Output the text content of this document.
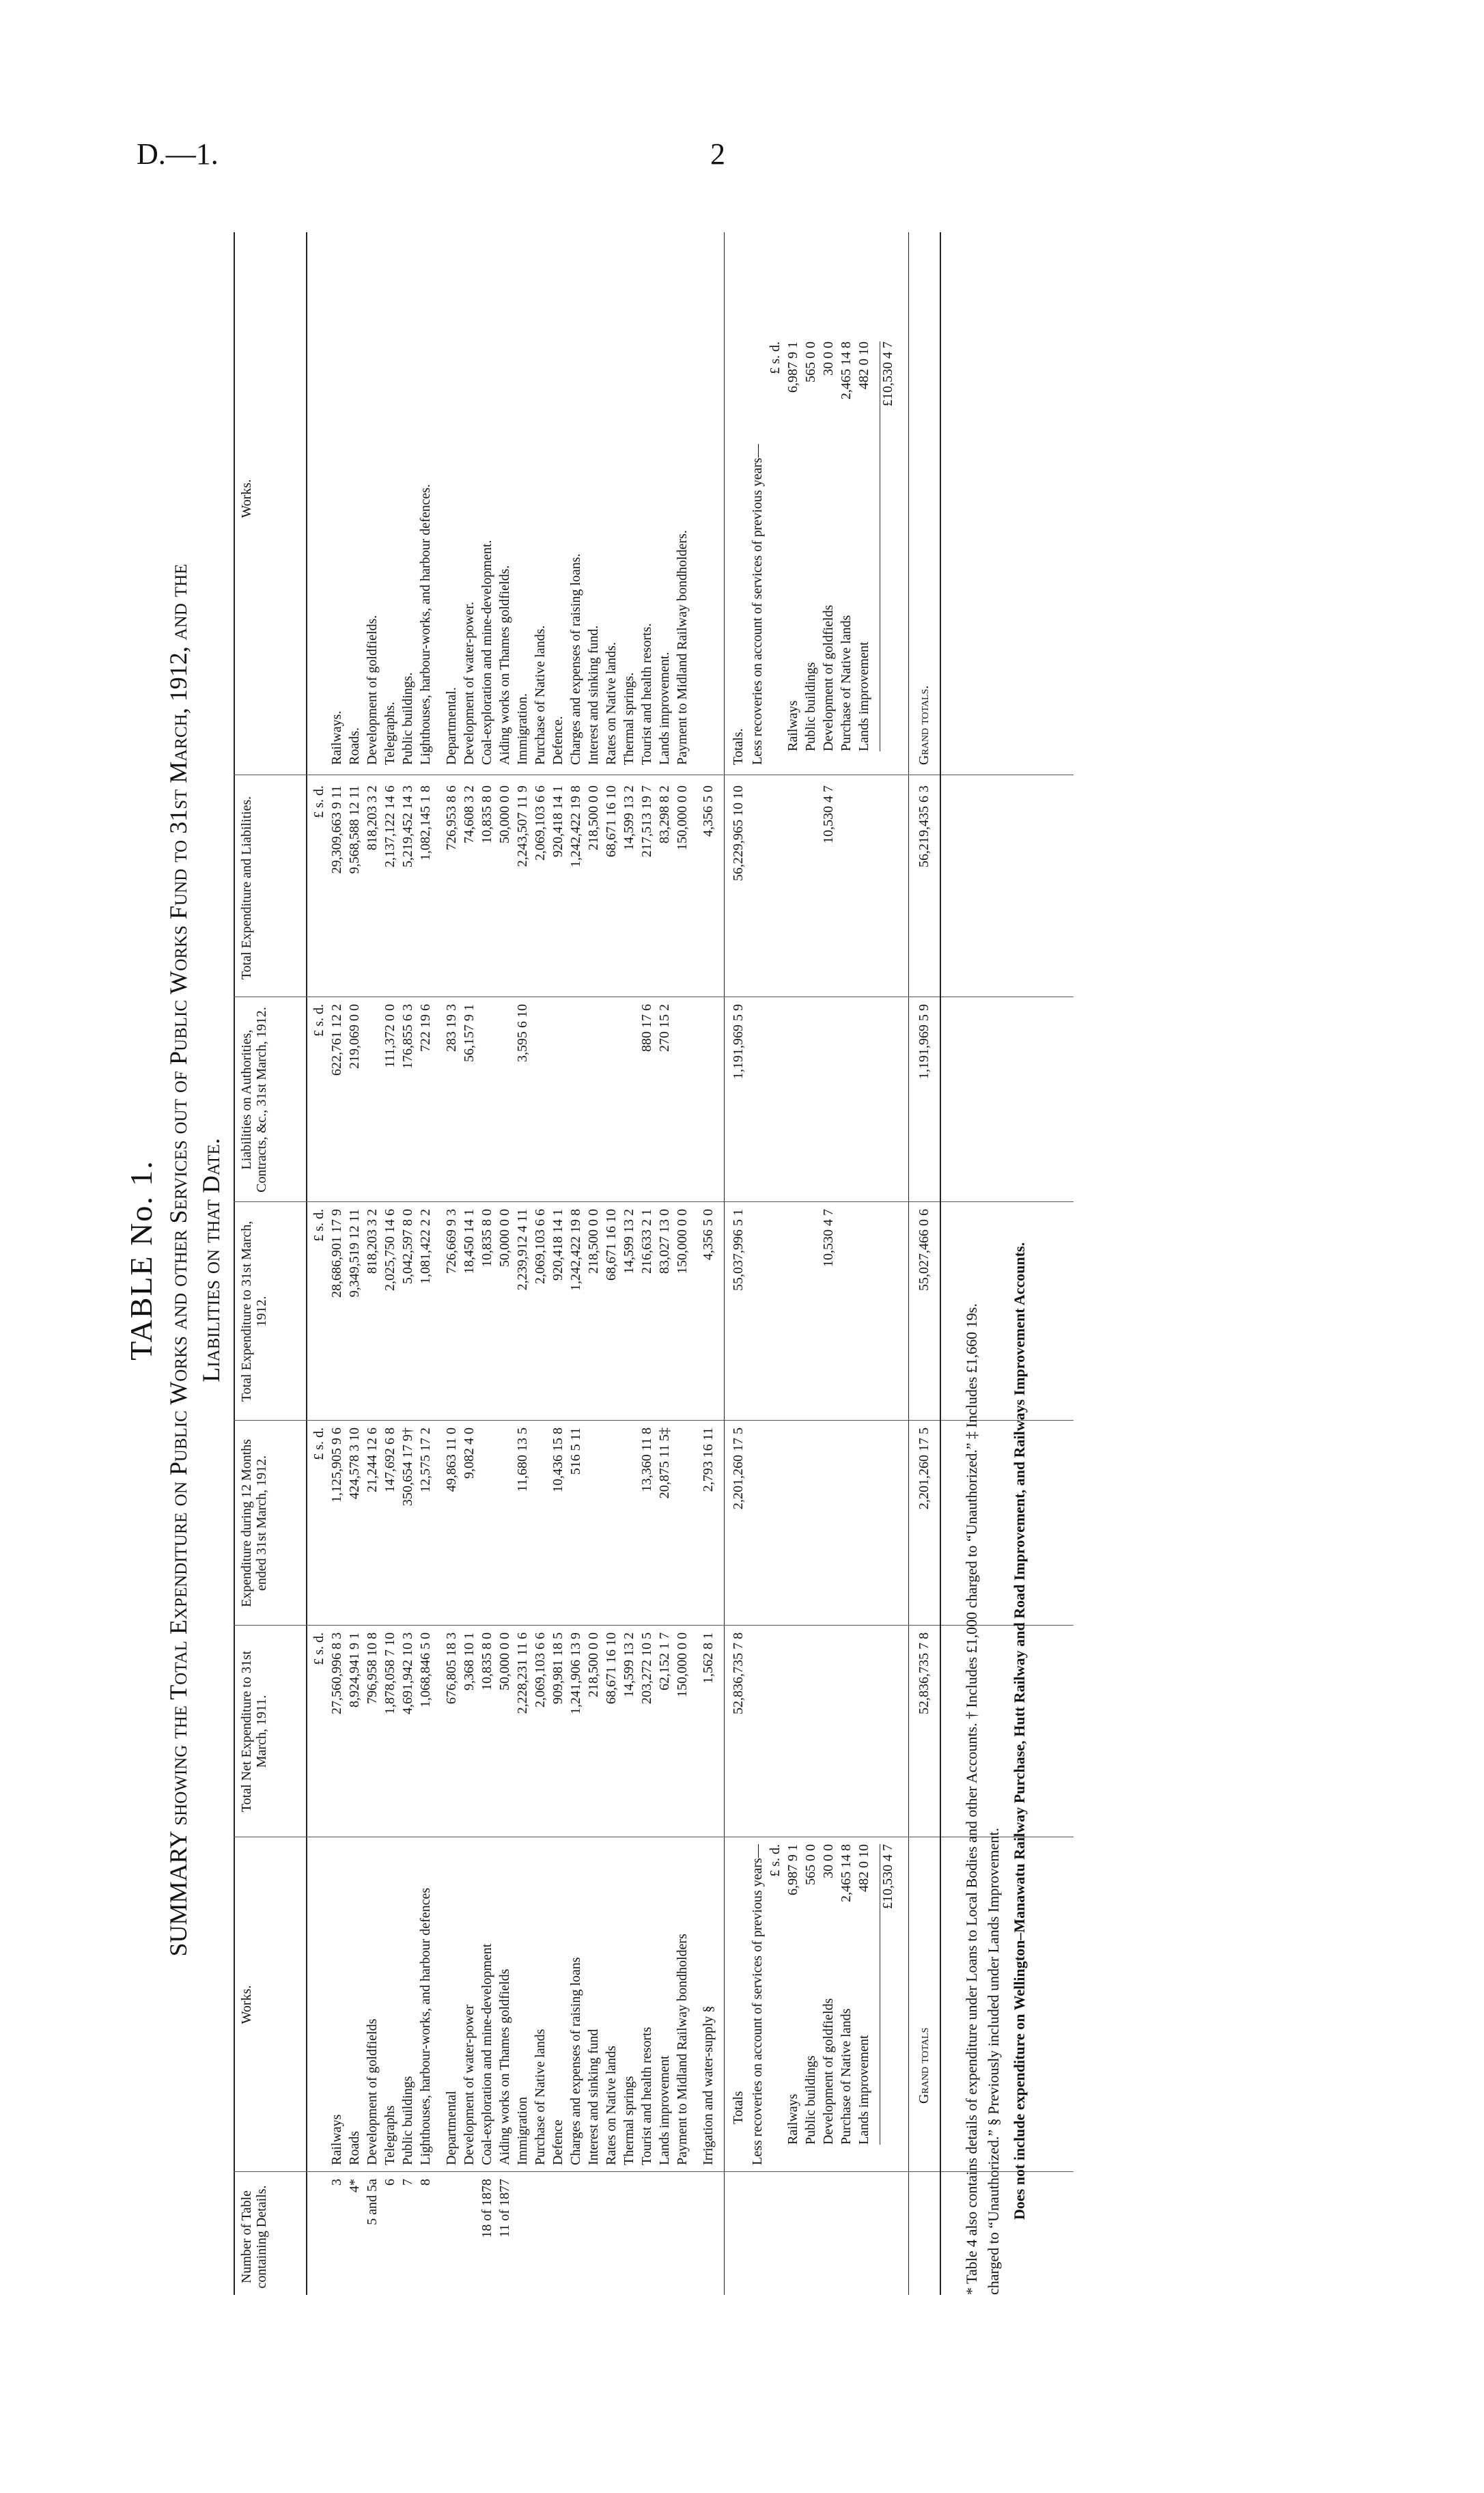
D.—1.	2
TABLE No. 1. SUMMARY showing the Total Expenditure on Public Works and other Services out of Public Works Fund to 31st March, 1912, and the Liabilities on that Date.
Number of Table containing Details.
Works.
Total Net Expenditure to 31st March, 1911.
Expenditure during 12 Months ended 31st March, 1912.
Total Expenditure to 31st March, 1912.
Liabilities on Authorities, Contracts, &c., 31st March, 1912.
Total Expenditure and Liabilities.
Works.
£ s. d.
£ s. d.
£ s. d.
£ s. d.
£ s. d.
3
Railways
27,560,996 8 3
1,125,905 9 6
28,686,901 17 9
622,761 12 2
29,309,663 9 11
Railways.
4*
Roads
8,924,941 9 1
424,578 3 10
9,349,519 12 11
219,069 0 0
9,568,588 12 11
Roads.
5 and 5a
Development of goldfields
796,958 10 8
21,244 12 6
818,203 3 2
818,203 3 2
Development of goldfields.
6
Telegraphs
1,878,058 7 10
147,692 6 8
2,025,750 14 6
111,372 0 0
2,137,122 14 6
Telegraphs.
7
Public buildings
4,691,942 10 3
350,654 17 9†
5,042,597 8 0
176,855 6 3
5,219,452 14 3
Public buildings.
8
Lighthouses, harbour-works, and harbour defences
1,068,846 5 0
12,575 17 2
1,081,422 2 2
722 19 6
1,082,145 1 8
Lighthouses, harbour-works, and harbour defences.
Departmental
676,805 18 3
49,863 11 0
726,669 9 3
283 19 3
726,953 8 6
Departmental.
Development of water-power
9,368 10 1
9,082 4 0
18,450 14 1
56,157 9 1
74,608 3 2
Development of water-power.
18 of 1878
Coal-exploration and mine-development
10,835 8 0
10,835 8 0
10,835 8 0
Coal-exploration and mine-development.
11 of 1877
Aiding works on Thames goldfields
50,000 0 0
50,000 0 0
50,000 0 0
Aiding works on Thames goldfields.
Immigration
2,228,231 11 6
11,680 13 5
2,239,912 4 11
3,595 6 10
2,243,507 11 9
Immigration.
Purchase of Native lands
2,069,103 6 6
2,069,103 6 6
2,069,103 6 6
Purchase of Native lands.
Defence
909,981 18 5
10,436 15 8
920,418 14 1
920,418 14 1
Defence.
Charges and expenses of raising loans
1,241,906 13 9
516 5 11
1,242,422 19 8
1,242,422 19 8
Charges and expenses of raising loans.
Interest and sinking fund
218,500 0 0
218,500 0 0
218,500 0 0
Interest and sinking fund.
Rates on Native lands
68,671 16 10
68,671 16 10
68,671 16 10
Rates on Native lands.
Thermal springs
14,599 13 2
14,599 13 2
14,599 13 2
Thermal springs.
Tourist and health resorts
203,272 10 5
13,360 11 8
216,633 2 1
880 17 6
217,513 19 7
Tourist and health resorts.
Lands improvement
62,152 1 7
20,875 11 5‡
83,027 13 0
270 15 2
83,298 8 2
Lands improvement.
Payment to Midland Railway bondholders
150,000 0 0
150,000 0 0
150,000 0 0
Payment to Midland Railway bondholders.
Irrigation and water-supply §
1,562 8 1
2,793 16 11
4,356 5 0
4,356 5 0
Totals
52,836,735 7 8
2,201,260 17 5
55,037,996 5 1
1,191,969 5 9
56,229,965 10 10
Totals.
Less recoveries on account of services of previous years—
Less recoveries on account of services of previous years—
£ s. d.
£ s. d.
Railways
6,987 9 1
Railways
6,987 9 1
Public buildings
565 0 0
Public buildings
565 0 0
Development of goldfields
30 0 0
10,530 4 7
10,530 4 7
Development of goldfields
30 0 0
Purchase of Native lands
2,465 14 8
Purchase of Native lands
2,465 14 8
Lands improvement
482 0 10
Lands improvement
482 0 10
£10,530 4 7
£10,530 4 7
Grand totals
52,836,735 7 8
2,201,260 17 5
55,027,466 0 6
1,191,969 5 9
56,219,435 6 3
Grand totals.
* Table 4 also contains details of expenditure under Loans to Local Bodies and other Accounts. † Includes £1,000 charged to “Unauthorized.” ‡ Includes £1,660 19s. charged to “Unauthorized.” § Previously included under Lands Improvement. Does not include expenditure on Wellington–Manawatu Railway Purchase, Hutt Railway and Road Improvement, and Railways Improvement Accounts.
